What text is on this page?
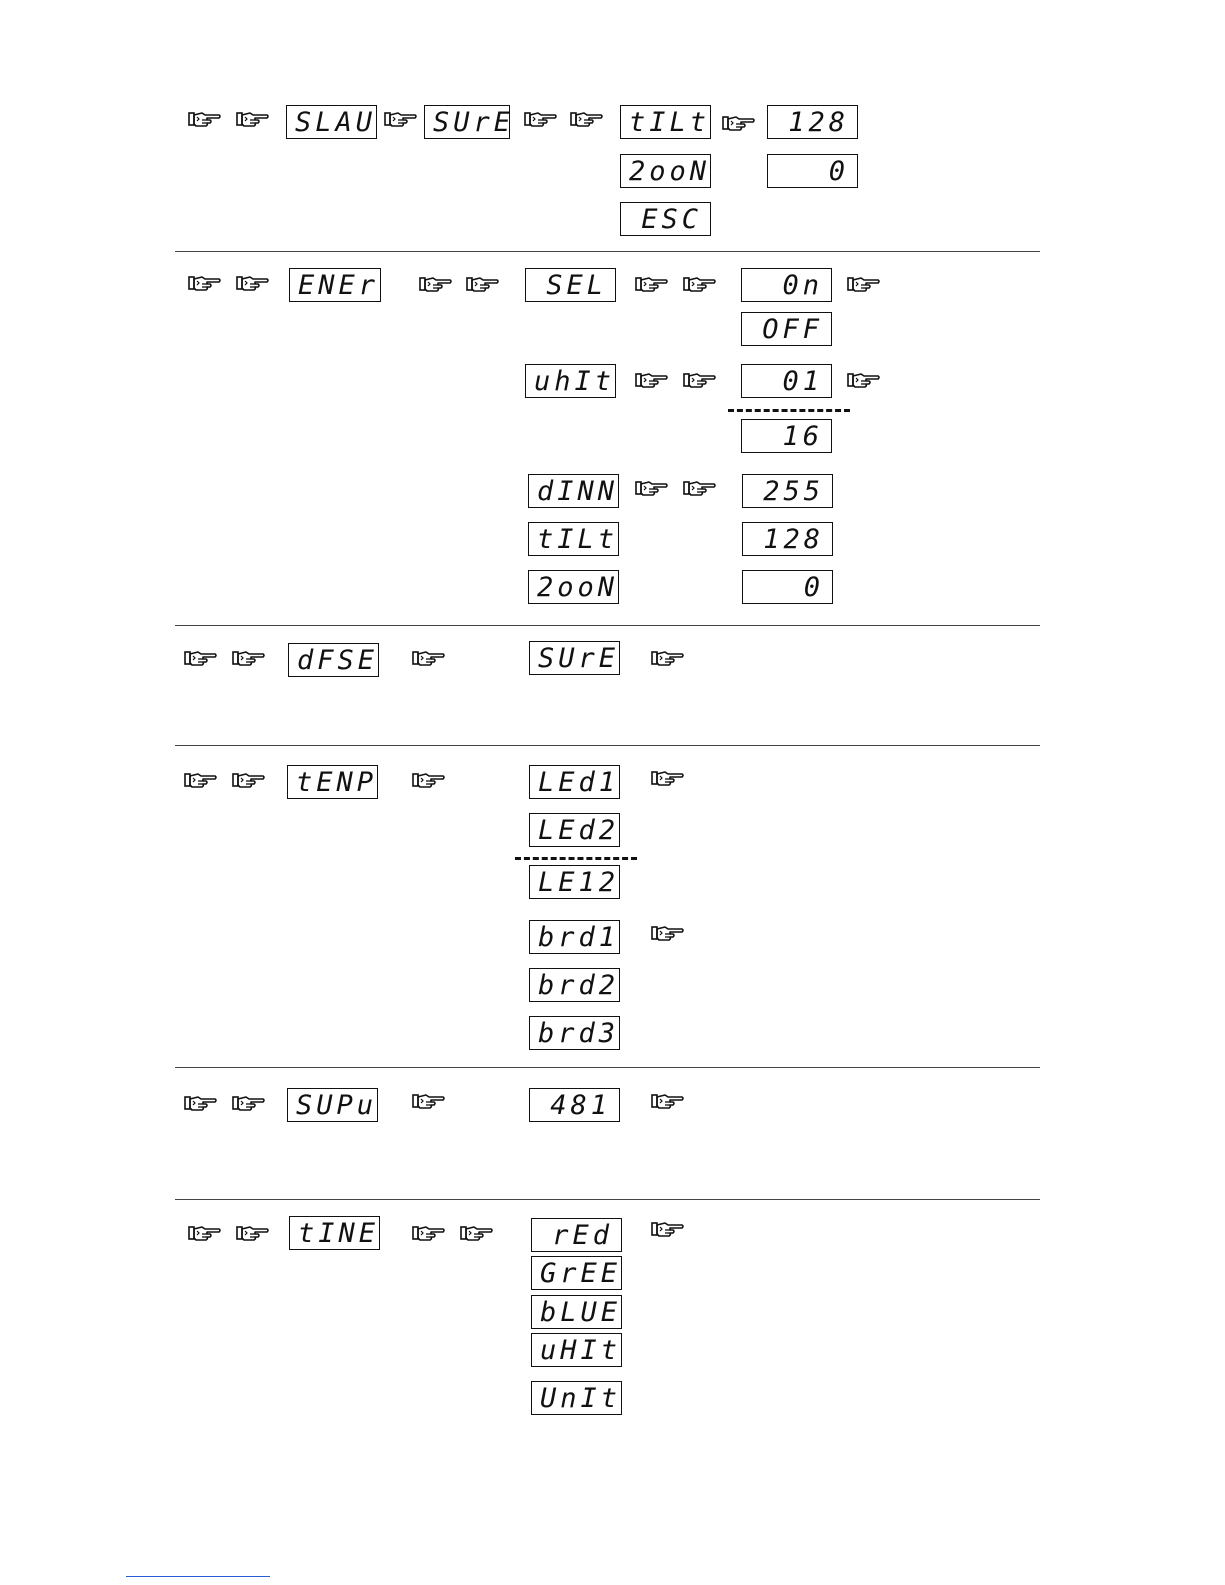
SLAU	SUrE	tILt	128
2ooN	0
ESC
ENEr	SEL	0n
OFF
uhIt	01
16
dINN	255
tILt	128
2ooN	0
dFSE	SUrE
tENP	LEd1
LEd2
LE12
brd1
brd2
brd3
SUPu	481
tINE	rEd
GrEE
bLUE
uHIt
UnIt
